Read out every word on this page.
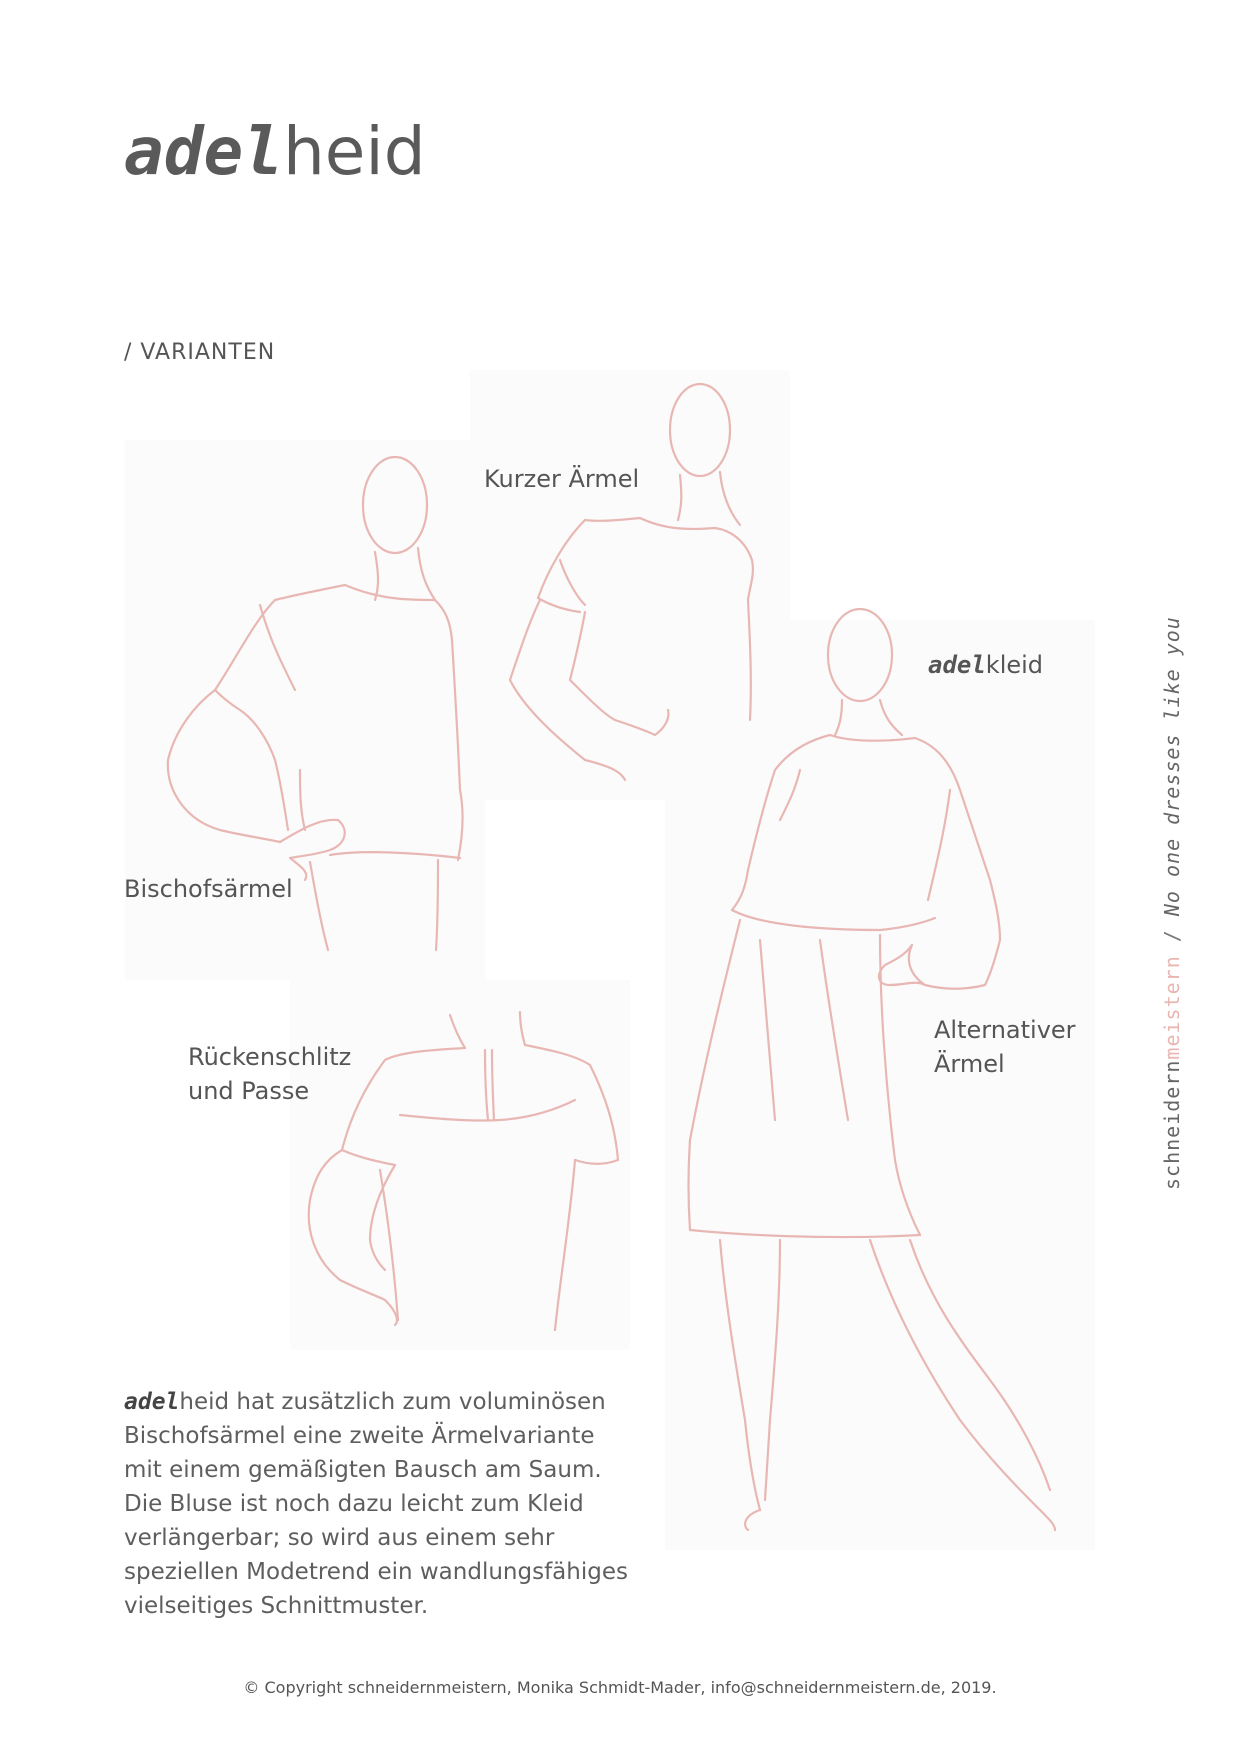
adelheid
/ VARIANTEN
Kurzer Ärmel
adelkleid
Bischofsärmel
Rückenschlitz
und Passe
Alternativer
Ärmel

adelheid hat zusätzlich zum voluminösen

Bischofsärmel eine zweite Ärmelvariante

mit einem gemäßigten Bausch am Saum.

Die Bluse ist noch dazu leicht zum Kleid

verlängerbar; so wird aus einem sehr

speziellen Modetrend ein wandlungsfähiges

vielseitiges Schnittmuster.

schneidernmeistern / No one dresses like you
© Copyright schneidernmeistern, Monika Schmidt-Mader, info@schneidernmeistern.de, 2019.
